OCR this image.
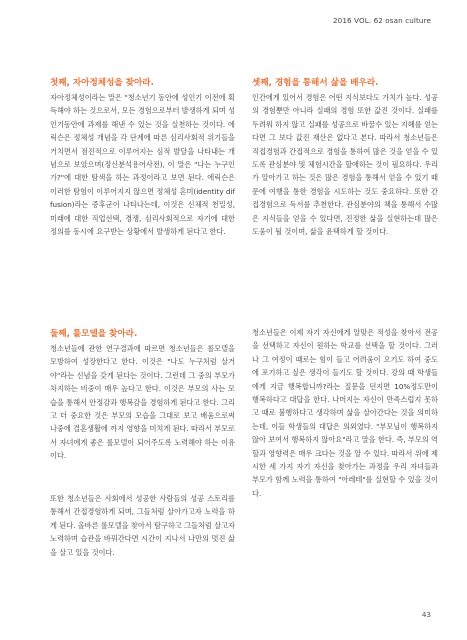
2016 VOL. 62 osan culture
첫째, 자아정체성을 찾아라.

자아정체성이라는 말은 "청소년기 동안에 성인기 이전에 획득해야 하는 것으로서, 모든 경험으로부터 발생하게 되며 성인기동안에 과제를 해낸 수 있는 것을 실천하는 것이다. 에릭슨은 정체성 개념을 각 단계에 따른 심리사회적 위기들을 거치면서 점진적으로 이루어지는 심적 발달을 나타내는 개념으로 보았으며(정신분석용어사전), 이 말은 "나는 누구인가?"에 대한 탐색을 하는 과정이라고 보면 된다. 에릭슨은 이러한 탐험이 이루어지지 않으면 정체성 혼미(identity diffusion)라는 증후군이 나타나는데, 이것은 신체적 천밀성, 미래에 대한 직업선택, 경쟁, 심리사회적으로 자기에 대한 정의를 동시에 요구받는 상황에서 발생하게 된다고 한다.

둘째, 롤모델을 찾아라.

청소년들에 관한 연구결과에 따르면 청소년들은 롤모델을 모방하여 성장한다고 한다. 이것은 "나도 누구처럼 살거야"라는 신념을 갖게 된다는 것이다. 그런데 그 중의 부모가 차지하는 비중이 매우 높다고 한다. 이것은 부모의 사는 모습을 통해서 안정감과 행복감을 경험하게 된다고 한다. 그리고 더 중요한 것은 부모의 모습을 그대로 보고 배움으로써 나중에 결혼생활에 까지 영향을 미치게 된다. 따라서 부모로서 자녀에게 좋은 롤모델이 되어주도록 노력해야 하는 이유이다.

또한 청소년들은 사회에서 성공한 사람들의 성공 스토리를 통해서 간접경험하게 되며, 그들처럼 살아가고자 노력을 하게 된다. 올바른 롤모델을 찾아서 탐구하고 그들처럼 살고자 노력하며 습관을 바꿔간다면 시간이 지나서 나만의 멋진 삶을 살고 있을 것이다.

셋째, 경험을 통해서 삶을 배우라.

인간에게 있어서 경험은 어떤 지식보다도 가치가 높다. 성공의 경험뿐만 아니라 실패의 경험 또한 값진 것이다. 실패를 두려워 하지 않고 실패를 성공으로 바꿀수 있는 지혜를 얻는다면 그 보다 값진 재산은 없다고 본다. 따라서 청소년들은 직접경험과 간접적으로 경험을 통하여 많은 것을 얻을 수 있도록 관심분야 및 체험시간을 할애하는 것이 필요하다. 우리가 알아가고 하는 것은 많은 경험을 통해서 얻을 수 있기 때문에 여행을 통한 경험을 시도하는 것도 중요하다. 또한 간접경험으로 독서를 추천한다. 관심분야의 책을 통해서 수많은 지식들을 얻을 수 있다면, 진정한 삶을 실현하는데 많은 도움이 될 것이며, 삶을 윤택하게 할 것이다.

청소년들은 이제 자기 자신에게 알맞은 적성을 찾아서 전공을 선택하고 자신이 원하는 학교를 선택을 할 것이다. 그러나 그 여정이 때로는 힘이 들고 어려움이 오기도 하여 중도에 포기하고 싶은 생각이 들기도 할 것이다. 강의 때 학생들에게 지금 행복합니까?라는 질문을 던지면 10%정도만이 행복하다고 대답을 한다. 나머지는 자신이 만족스럽지 못하고 때로 불행하다고 생각하며 삶을 살아간다는 것을 의미하는데, 이들 학생들의 대답은 의외였다. "부모님이 행복하지 않아 보여서 행복하지 않아요"라고 말을 한다. 즉, 부모의 역할과 영향력은 매우 크다는 것을 알 수 있다. 따라서 위에 제시한 세 가지 자기 자신을 찾아가는 과정을 우리 자녀들과 부모가 함께 노력을 통하여 "아레테"를 실현할 수 있을 것이다.

43
